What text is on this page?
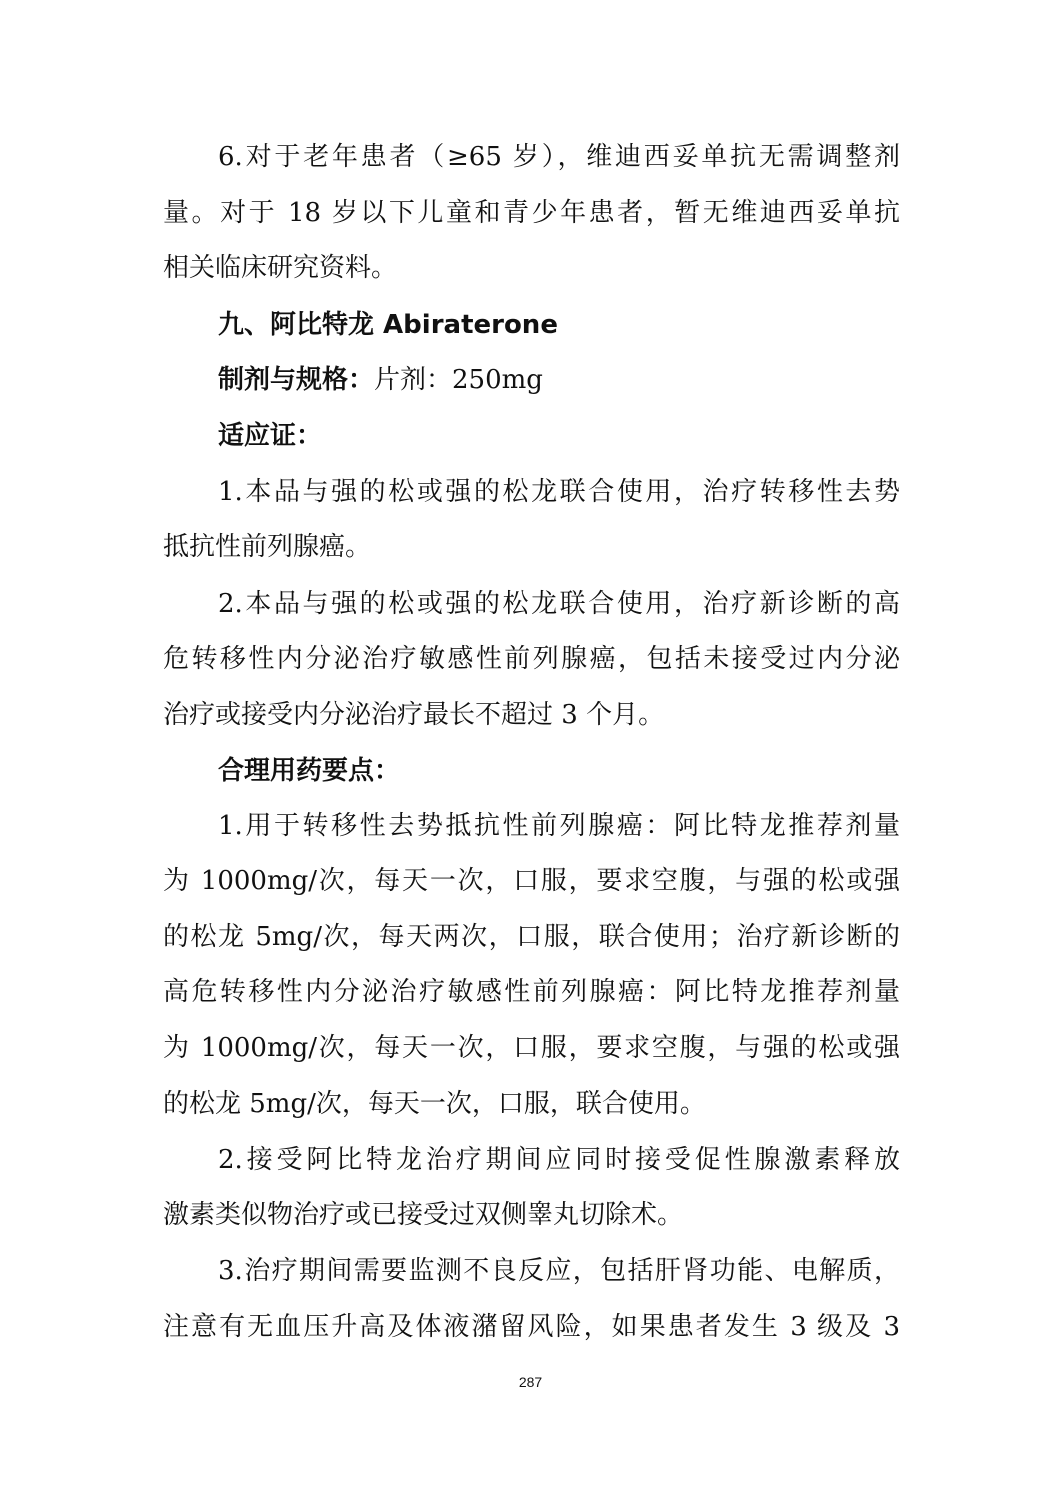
6.对于老年患者（≥65 岁），维迪西妥单抗无需调整剂
量。对于 18 岁以下儿童和青少年患者，暂无维迪西妥单抗
相关临床研究资料。
九、阿比特龙 Abiraterone
制剂与规格：片剂：250mg
适应证：
1.本品与强的松或强的松龙联合使用，治疗转移性去势
抵抗性前列腺癌。
2.本品与强的松或强的松龙联合使用，治疗新诊断的高
危转移性内分泌治疗敏感性前列腺癌，包括未接受过内分泌
治疗或接受内分泌治疗最长不超过 3 个月。
合理用药要点：
1.用于转移性去势抵抗性前列腺癌：阿比特龙推荐剂量
为 1000mg/次，每天一次，口服，要求空腹，与强的松或强
的松龙 5mg/次，每天两次，口服，联合使用；治疗新诊断的
高危转移性内分泌治疗敏感性前列腺癌：阿比特龙推荐剂量
为 1000mg/次，每天一次，口服，要求空腹，与强的松或强
的松龙 5mg/次，每天一次，口服，联合使用。
2.接受阿比特龙治疗期间应同时接受促性腺激素释放
激素类似物治疗或已接受过双侧睾丸切除术。
3.治疗期间需要监测不良反应，包括肝肾功能、电解质，
注意有无血压升高及体液潴留风险，如果患者发生 3 级及 3
287
